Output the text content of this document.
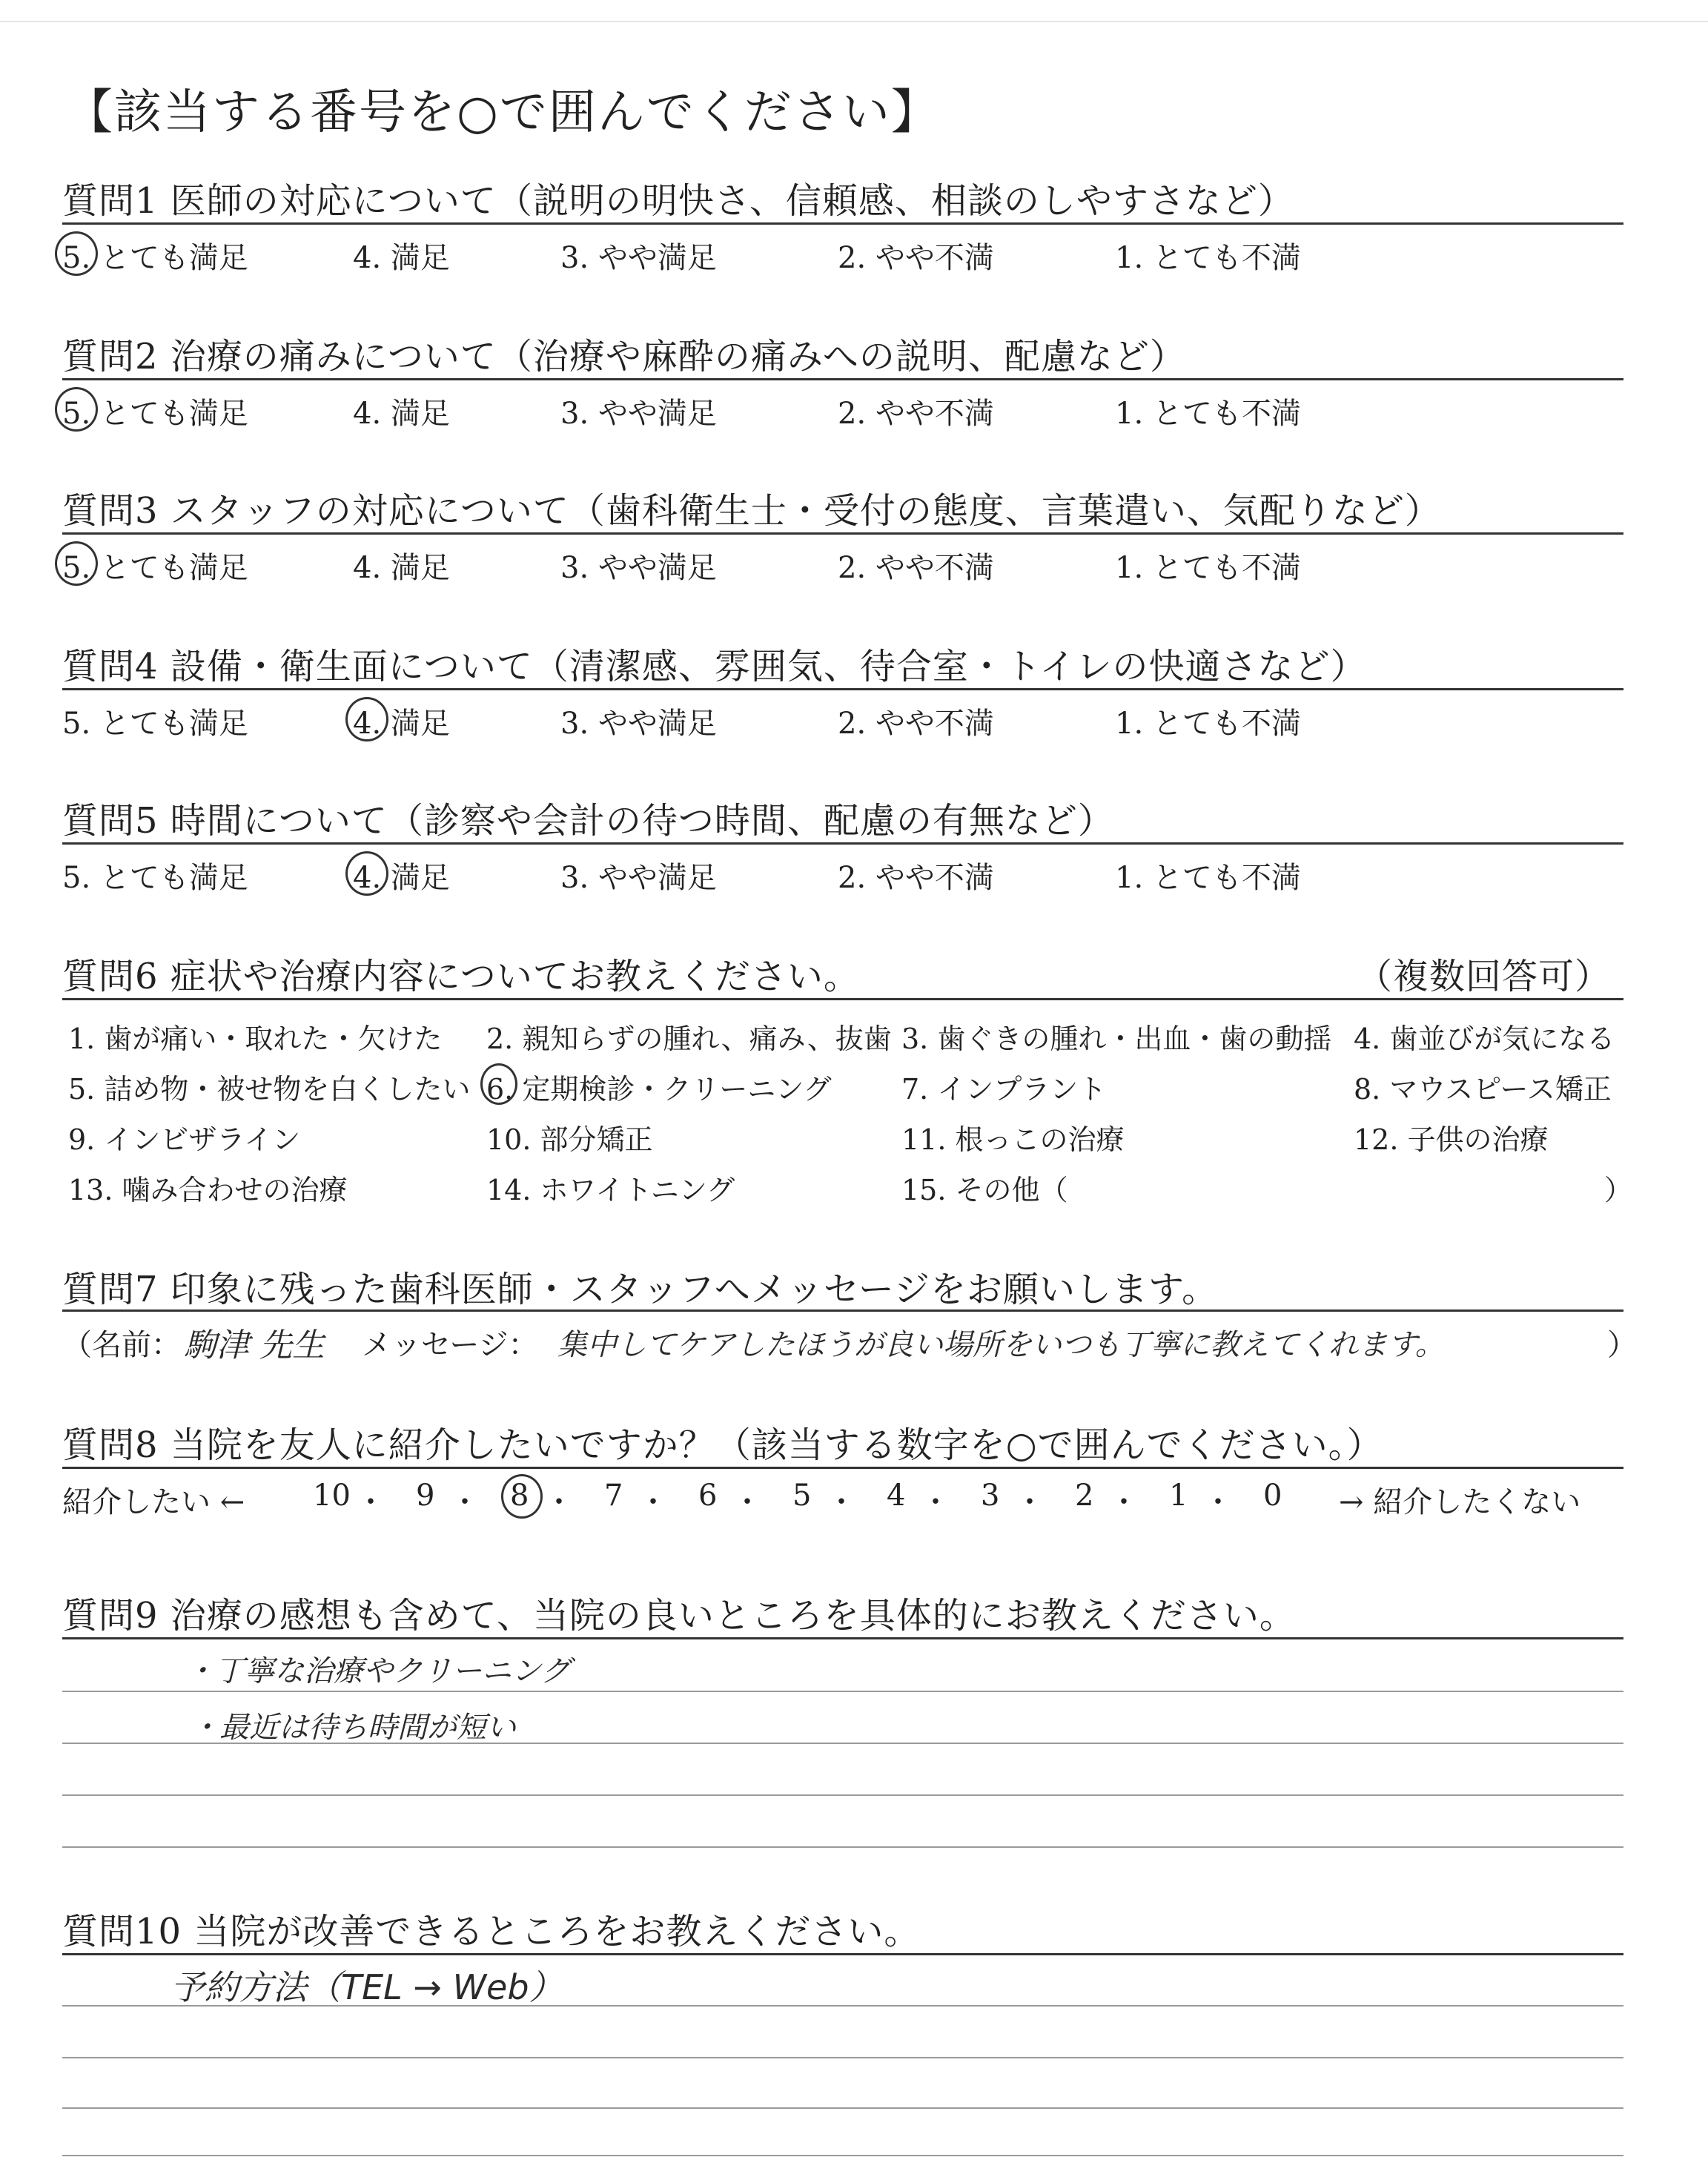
【該当する番号を○で囲んでください】
質問1 医師の対応について（説明の明快さ、信頼感、相談のしやすさなど）
5. とても満足	4. 満足	3. やや満足	2. やや不満	1. とても不満
質問2 治療の痛みについて（治療や麻酔の痛みへの説明、配慮など）
5. とても満足	4. 満足	3. やや満足	2. やや不満	1. とても不満
質問3 スタッフの対応について（歯科衛生士・受付の態度、言葉遣い、気配りなど）
5. とても満足	4. 満足	3. やや満足	2. やや不満	1. とても不満
質問4 設備・衛生面について（清潔感、雰囲気、待合室・トイレの快適さなど）
5. とても満足	4. 満足	3. やや満足	2. やや不満	1. とても不満
質問5 時間について（診察や会計の待つ時間、配慮の有無など）
5. とても満足	4. 満足	3. やや満足	2. やや不満	1. とても不満
質問6 症状や治療内容についてお教えください。	（複数回答可）
1. 歯が痛い・取れた・欠けた 2. 親知らずの腫れ、痛み、抜歯 3. 歯ぐきの腫れ・出血・歯の動揺 4. 歯並びが気になる
5. 詰め物・被せ物を白くしたい 6. 定期検診・クリーニング 7. インプラント	8. マウスピース矯正
9. インビザライン	10. 部分矯正	11. 根っこの治療	12. 子供の治療
13. 噛み合わせの治療	14. ホワイトニング	15. その他（	）
質問7 印象に残った歯科医師・スタッフへメッセージをお願いします。
（名前： 駒津 先生 メッセージ： 集中してケアしたほうが良い場所をいつも丁寧に教えてくれます。	）
質問8 当院を友人に紹介したいですか？（該当する数字を○で囲んでください。）
紹介したい ← 10 ・ 9 ・ 8 ・ 7 ・ 6 ・ 5 ・ 4 ・ 3 ・ 2 ・ 1 ・ 0 → 紹介したくない
質問9 治療の感想も含めて、当院の良いところを具体的にお教えください。
・丁寧な治療やクリーニング
・最近は待ち時間が短い
質問10 当院が改善できるところをお教えください。
予約方法（TEL → Web）
